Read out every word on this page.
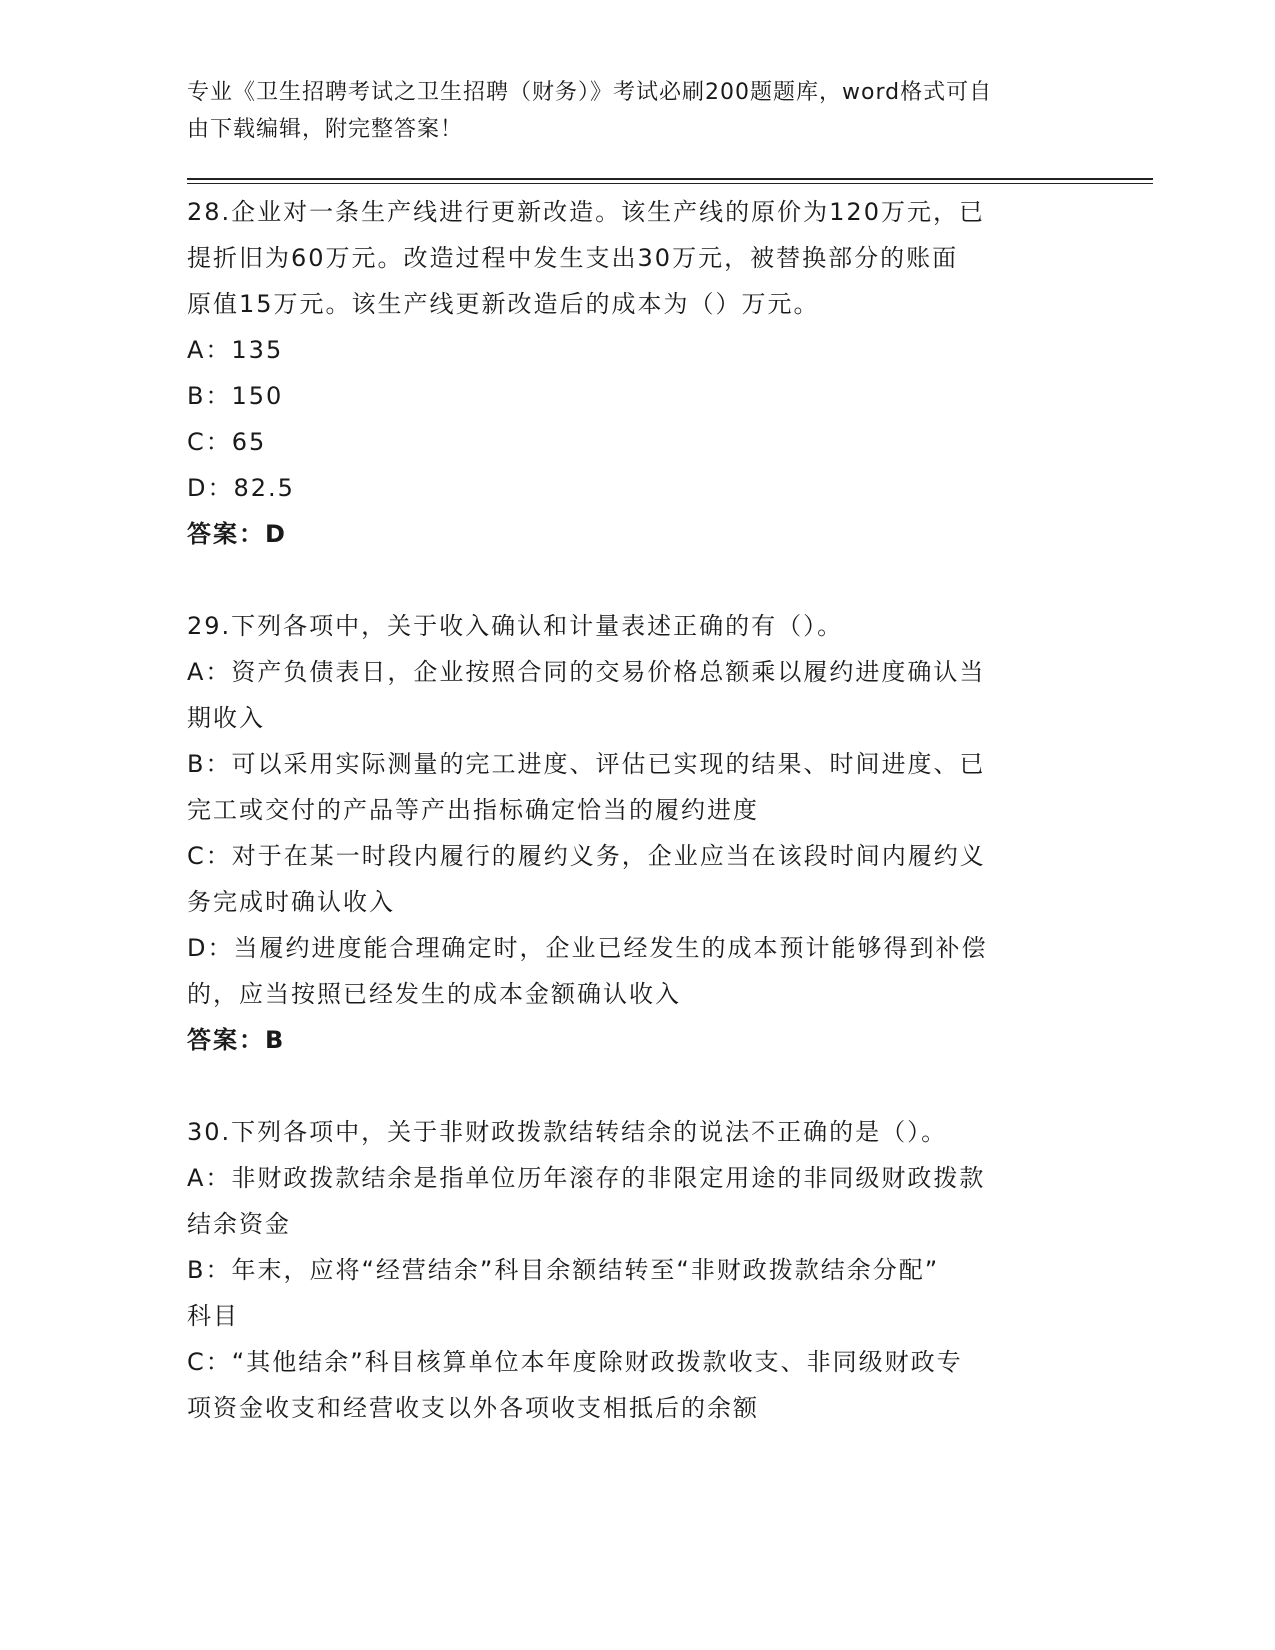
专业《卫生招聘考试之卫生招聘（财务）》考试必刷200题题库，word格式可自
由下载编辑，附完整答案！
28.企业对一条生产线进行更新改造。该生产线的原价为120万元，已
提折旧为60万元。改造过程中发生支出30万元，被替换部分的账面
原值15万元。该生产线更新改造后的成本为（）万元。
A：135
B：150
C：65
D：82.5
答案：D
29.下列各项中，关于收入确认和计量表述正确的有（）。
A：资产负债表日，企业按照合同的交易价格总额乘以履约进度确认当
期收入
B：可以采用实际测量的完工进度、评估已实现的结果、时间进度、已
完工或交付的产品等产出指标确定恰当的履约进度
C：对于在某一时段内履行的履约义务，企业应当在该段时间内履约义
务完成时确认收入
D：当履约进度能合理确定时，企业已经发生的成本预计能够得到补偿
的，应当按照已经发生的成本金额确认收入
答案：B
30.下列各项中，关于非财政拨款结转结余的说法不正确的是（）。
A：非财政拨款结余是指单位历年滚存的非限定用途的非同级财政拨款
结余资金
B：年末，应将“经营结余”科目余额结转至“非财政拨款结余分配”
科目
C：“其他结余”科目核算单位本年度除财政拨款收支、非同级财政专
项资金收支和经营收支以外各项收支相抵后的余额
